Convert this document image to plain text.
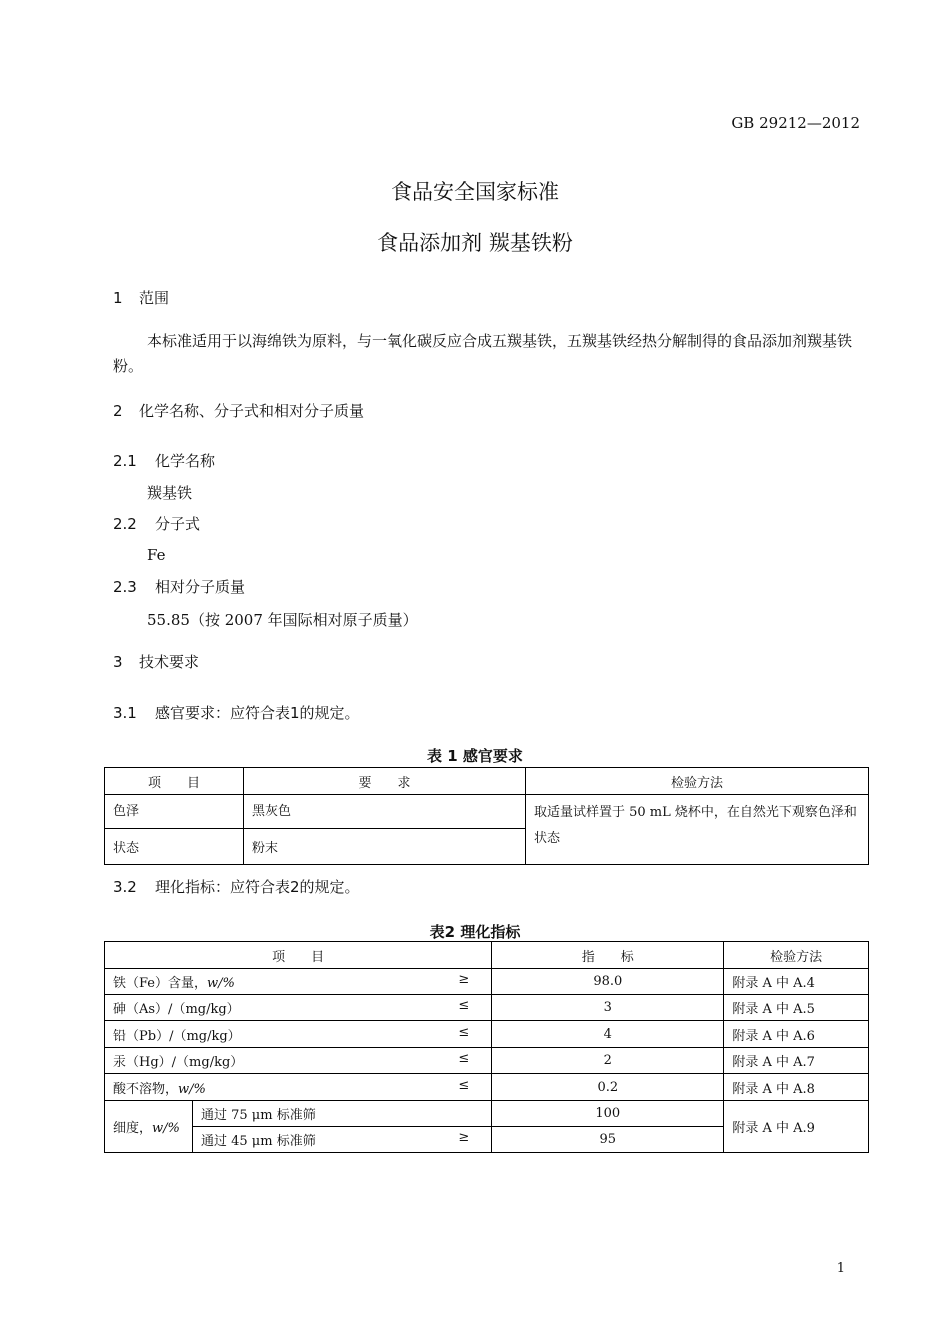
GB 29212—2012
食品安全国家标准
食品添加剂 羰基铁粉
1 范围
本标准适用于以海绵铁为原料，与一氧化碳反应合成五羰基铁，五羰基铁经热分解制得的食品添加剂羰基铁粉。
2 化学名称、分子式和相对分子质量
2.1 化学名称
羰基铁
2.2 分子式
Fe
2.3 相对分子质量
55.85（按 2007 年国际相对原子质量）
3 技术要求
3.1 感官要求：应符合表1的规定。
表 1 感官要求
项　　目	要　　求	检验方法
色泽	黑灰色	取适量试样置于 50 mL 烧杯中，在自然光下观察色泽和状态
状态	粉末	
3.2 理化指标：应符合表2的规定。
表2 理化指标
项　　目		指　　标	检验方法
铁（Fe）含量，w/% ≥		98.0	附录 A 中 A.4
砷（As）/（mg/kg） ≤		3	附录 A 中 A.5
铅（Pb）/（mg/kg） ≤		4	附录 A 中 A.6
汞（Hg）/（mg/kg） ≤		2	附录 A 中 A.7
酸不溶物，w/% ≤		0.2	附录 A 中 A.8
细度，w/%	通过 75 μm 标准筛	100	附录 A 中 A.9
	通过 45 μm 标准筛 ≥	95	
1
